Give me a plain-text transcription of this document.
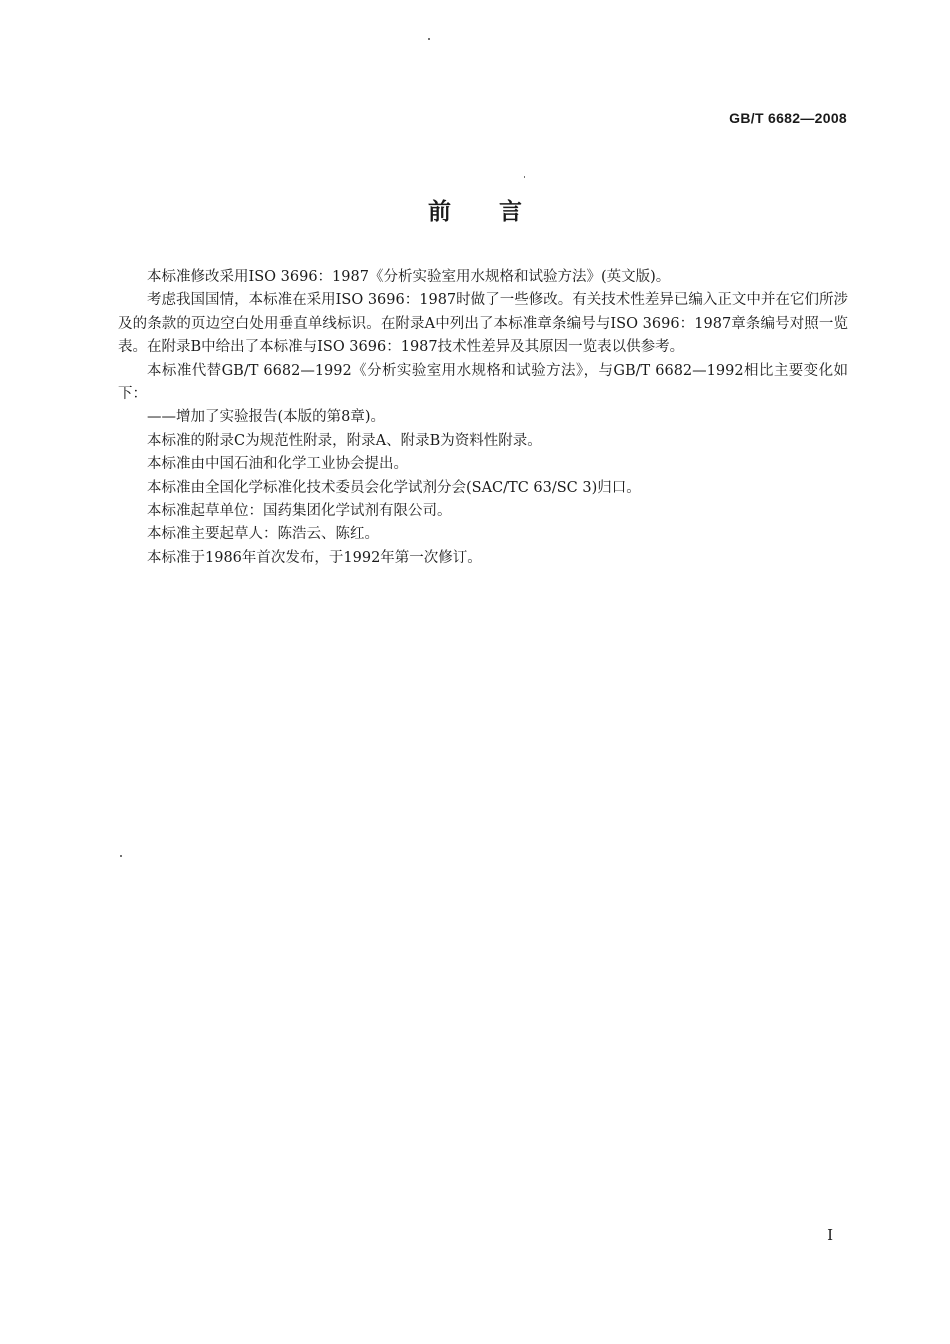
GB/T 6682—2008
前言

本标准修改采用ISO 3696：1987《分析实验室用水规格和试验方法》(英文版)。

考虑我国国情，本标准在采用ISO 3696：1987时做了一些修改。有关技术性差异已编入正文中并在它们所涉及的条款的页边空白处用垂直单线标识。在附录A中列出了本标准章条编号与ISO 3696：1987章条编号对照一览表。在附录B中给出了本标准与ISO 3696：1987技术性差异及其原因一览表以供参考。

本标准代替GB/T 6682—1992《分析实验室用水规格和试验方法》，与GB/T 6682—1992相比主要变化如下：

——增加了实验报告(本版的第8章)。

本标准的附录C为规范性附录，附录A、附录B为资料性附录。

本标准由中国石油和化学工业协会提出。

本标准由全国化学标准化技术委员会化学试剂分会(SAC/TC 63/SC 3)归口。

本标准起草单位：国药集团化学试剂有限公司。

本标准主要起草人：陈浩云、陈红。

本标准于1986年首次发布，于1992年第一次修订。

I
